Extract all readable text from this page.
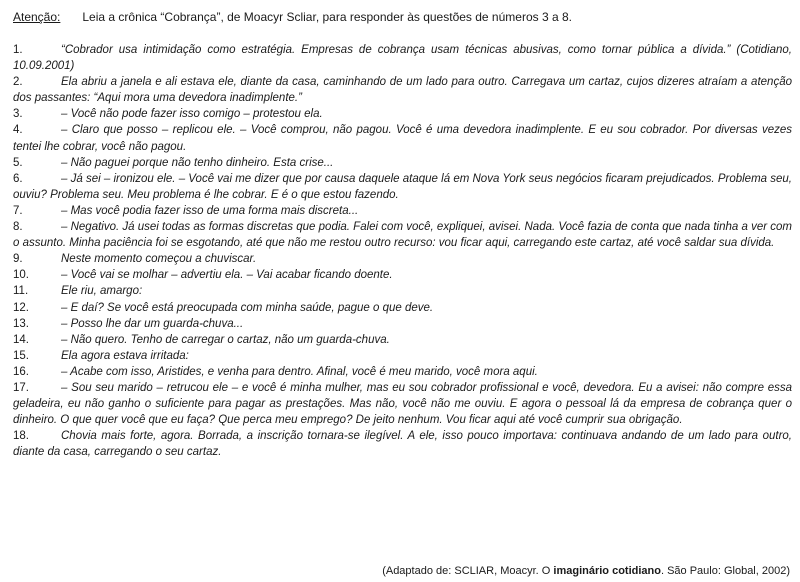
Atenção: Leia a crônica “Cobrança”, de Moacyr Scliar, para responder às questões de números 3 a 8.

1.	“Cobrador usa intimidação como estratégia. Empresas de cobrança usam técnicas abusivas, como tornar pública a dívida.” (Cotidiano, 10.09.2001)

2.	Ela abriu a janela e ali estava ele, diante da casa, caminhando de um lado para outro. Carregava um cartaz, cujos dizeres atraíam a atenção dos passantes: “Aqui mora uma devedora inadimplente.”

3.	– Você não pode fazer isso comigo – protestou ela.

4.	– Claro que posso – replicou ele. – Você comprou, não pagou. Você é uma devedora inadimplente. E eu sou cobrador. Por diversas vezes tentei lhe cobrar, você não pagou.

5.	– Não paguei porque não tenho dinheiro. Esta crise...

6.	– Já sei – ironizou ele. – Você vai me dizer que por causa daquele ataque lá em Nova York seus negócios ficaram prejudicados. Problema seu, ouviu? Problema seu. Meu problema é lhe cobrar. E é o que estou fazendo.

7.	– Mas você podia fazer isso de uma forma mais discreta...

8.	– Negativo. Já usei todas as formas discretas que podia. Falei com você, expliquei, avisei. Nada. Você fazia de conta que nada tinha a ver com o assunto. Minha paciência foi se esgotando, até que não me restou outro recurso: vou ficar aqui, carregando este cartaz, até você saldar sua dívida.

9.	Neste momento começou a chuviscar.

10.	– Você vai se molhar – advertiu ela. – Vai acabar ficando doente.

11.	Ele riu, amargo:

12.	– E daí? Se você está preocupada com minha saúde, pague o que deve.

13.	– Posso lhe dar um guarda-chuva...

14.	– Não quero. Tenho de carregar o cartaz, não um guarda-chuva.

15.	Ela agora estava irritada:

16.	– Acabe com isso, Aristides, e venha para dentro. Afinal, você é meu marido, você mora aqui.

17.	– Sou seu marido – retrucou ele – e você é minha mulher, mas eu sou cobrador profissional e você, devedora. Eu a avisei: não compre essa geladeira, eu não ganho o suficiente para pagar as prestações. Mas não, você não me ouviu. E agora o pessoal lá da empresa de cobrança quer o dinheiro. O que quer você que eu faça? Que perca meu emprego? De jeito nenhum. Vou ficar aqui até você cumprir sua obrigação.

18.	Chovia mais forte, agora. Borrada, a inscrição tornara-se ilegível. A ele, isso pouco importava: continuava andando de um lado para outro, diante da casa, carregando o seu cartaz.

(Adaptado de: SCLIAR, Moacyr. O imaginário cotidiano. São Paulo: Global, 2002)
